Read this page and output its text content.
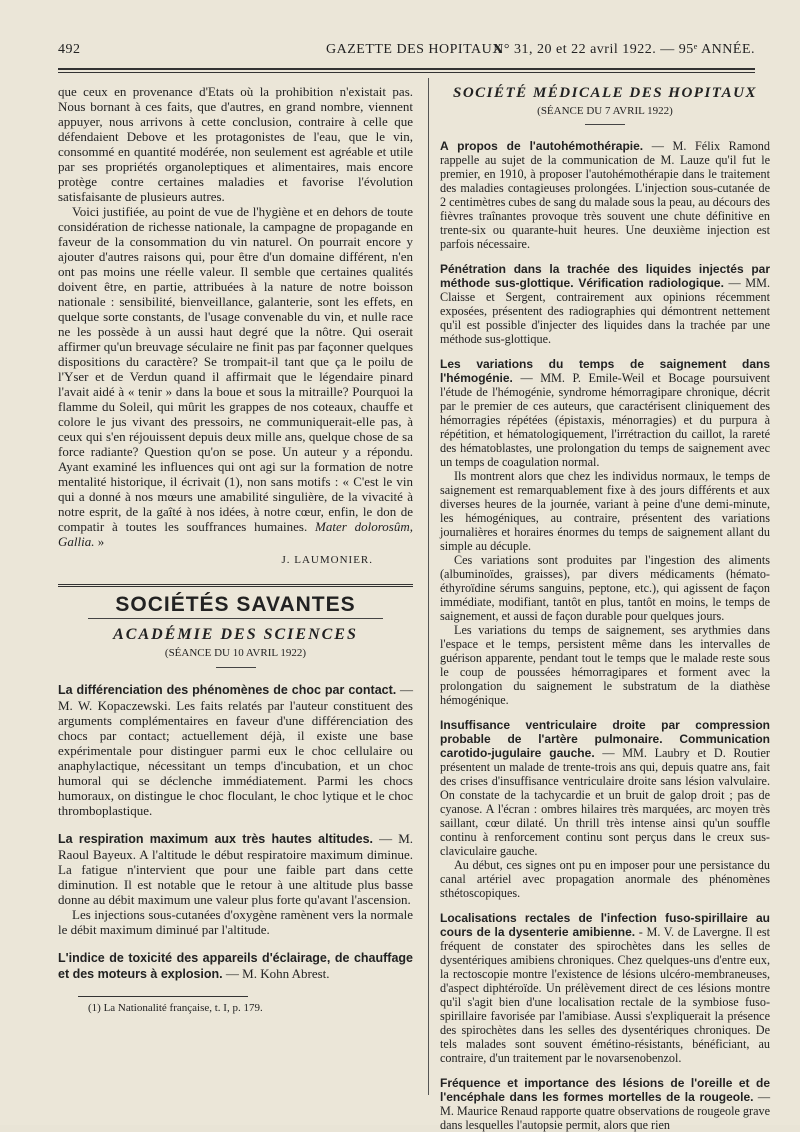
492	GAZETTE DES HOPITAUX
N° 31, 20 et 22 avril 1922. — 95ᵉ ANNÉE.

que ceux en provenance d'Etats où la prohibition n'existait pas. Nous bornant à ces faits, que d'autres, en grand nombre, viennent appuyer, nous arrivons à cette conclusion, contraire à celle que défendaient Debove et les protagonistes de l'eau, que le vin, consommé en quantité modérée, non seulement est agréable et utile par ses propriétés organoleptiques et alimentaires, mais encore protège contre certaines maladies et favorise l'évolution satisfaisante de plusieurs autres.

Voici justifiée, au point de vue de l'hygiène et en dehors de toute considération de richesse nationale, la campagne de propagande en faveur de la consommation du vin naturel. On pourrait encore y ajouter d'autres raisons qui, pour être d'un domaine différent, n'en ont pas moins une réelle valeur. Il semble que certaines qualités doivent être, en partie, attribuées à la nature de notre boisson nationale : sensibilité, bienveillance, galanterie, sont les effets, en quelque sorte constants, de l'usage convenable du vin, et nulle race ne les possède à un aussi haut degré que la nôtre. Qui oserait affirmer qu'un breuvage séculaire ne finit pas par façonner quelques dispositions du caractère? Se trompait-il tant que ça le poilu de l'Yser et de Verdun quand il affirmait que le légendaire pinard l'avait aidé à « tenir » dans la boue et sous la mitraille? Pourquoi la flamme du Soleil, qui mûrit les grappes de nos coteaux, chauffe et colore le jus vivant des pressoirs, ne communiquerait-elle pas, à ceux qui s'en réjouissent depuis deux mille ans, quelque chose de sa force radiante? Question qu'on se pose. Un auteur y a répondu. Ayant examiné les influences qui ont agi sur la formation de notre mentalité historique, il écrivait (1), non sans motifs : « C'est le vin qui a donné à nos mœurs une amabilité singulière, de la vivacité à notre esprit, de la gaîté à nos idées, à notre cœur, enfin, le don de compatir à toutes les souffrances humaines. Mater dolorosûm, Gallia. »

J. LAUMONIER.
SOCIÉTÉS SAVANTES
ACADÉMIE DES SCIENCES
(SÉANCE DU 10 AVRIL 1922)

La différenciation des phénomènes de choc par contact. — M. W. Kopaczewski. Les faits relatés par l'auteur constituent des arguments complémentaires en faveur d'une différenciation des chocs par contact; actuellement déjà, il existe une base expérimentale pour distinguer parmi eux le choc cellulaire ou anaphylactique, nécessitant un temps d'incubation, et un choc humoral qui se déclenche immédiatement. Parmi les chocs humoraux, on distingue le choc floculant, le choc lytique et le choc thromboplastique.

La respiration maximum aux très hautes altitudes. — M. Raoul Bayeux. A l'altitude le début respiratoire maximum diminue. La fatigue n'intervient que pour une faible part dans cette diminution. Il est notable que le retour à une altitude plus basse donne au débit maximum une valeur plus forte qu'avant l'ascension.

Les injections sous-cutanées d'oxygène ramènent vers la normale le débit maximum diminué par l'altitude.

L'indice de toxicité des appareils d'éclairage, de chauffage et des moteurs à explosion. — M. Kohn Abrest.

(1) La Nationalité française, t. I, p. 179.
SOCIÉTÉ MÉDICALE DES HOPITAUX
(SÉANCE DU 7 AVRIL 1922)

A propos de l'autohémothérapie. — M. Félix Ramond rappelle au sujet de la communication de M. Lauze qu'il fut le premier, en 1910, à proposer l'autohémothérapie dans le traitement des maladies contagieuses prolongées. L'injection sous-cutanée de 2 centimètres cubes de sang du malade sous la peau, au décours des fièvres traînantes provoque très souvent une chute définitive en trente-six ou quarante-huit heures. Une deuxième injection est parfois nécessaire.

Pénétration dans la trachée des liquides injectés par méthode sus-glottique. Vérification radiologique. — MM. Claisse et Sergent, contrairement aux opinions récemment exposées, présentent des radiographies qui démontrent nettement qu'il est possible d'injecter des liquides dans la trachée par une méthode sus-glottique.

Les variations du temps de saignement dans l'hémogénie. — MM. P. Emile-Weil et Bocage poursuivent l'étude de l'hémogénie, syndrome hémorragipare chronique, décrit par le premier de ces auteurs, que caractérisent cliniquement des hémorragies répétées (épistaxis, ménorragies) et du purpura à répétition, et hématologiquement, l'irrétraction du caillot, la rareté des hématoblastes, une prolongation du temps de saignement avec un temps de coagulation normal.

Ils montrent alors que chez les individus normaux, le temps de saignement est remarquablement fixe à des jours différents et aux diverses heures de la journée, variant à peine d'une demi-minute, les hémogéniques, au contraire, présentent des variations journalières et horaires énormes du temps de saignement allant du simple au décuple.

Ces variations sont produites par l'ingestion des aliments (albuminoïdes, graisses), par divers médicaments (hémato-éthyroïdine sérums sanguins, peptone, etc.), qui agissent de façon immédiate, modifiant, tantôt en plus, tantôt en moins, le temps de saignement, et aussi de façon durable pour quelques jours.

Les variations du temps de saignement, ses arythmies dans l'espace et le temps, persistent même dans les intervalles de guérison apparente, pendant tout le temps que le malade reste sous le coup de poussées hémorragipares et forment avec la prolongation du saignement le substratum de la diathèse hémogénique.

Insuffisance ventriculaire droite par compression probable de l'artère pulmonaire. Communication carotido-jugulaire gauche. — MM. Laubry et D. Routier présentent un malade de trente-trois ans qui, depuis quatre ans, fait des crises d'insuffisance ventriculaire droite sans lésion valvulaire. On constate de la tachycardie et un bruit de galop droit ; pas de cyanose. A l'écran : ombres hilaires très marquées, arc moyen très saillant, cœur dilaté. Un thrill très intense ainsi qu'un souffle continu à renforcement continu sont perçus dans le creux sus-claviculaire gauche.

Au début, ces signes ont pu en imposer pour une persistance du canal artériel avec propagation anormale des phénomènes sthétoscopiques.

Localisations rectales de l'infection fuso-spirillaire au cours de la dysenterie amibienne. - M. V. de Lavergne. Il est fréquent de constater des spirochètes dans les selles de dysentériques amibiens chroniques. Chez quelques-uns d'entre eux, la rectoscopie montre l'existence de lésions ulcéro-membraneuses, d'aspect diphtéroïde. Un prélèvement direct de ces lésions montre qu'il s'agit bien d'une localisation rectale de la symbiose fuso-spirillaire favorisée par l'amibiase. Aussi s'expliquerait la présence des spirochètes dans les selles des dysentériques chroniques. De tels malades sont souvent émétino-résistants, bénéficiant, au contraire, d'un traitement par le novarsenobenzol.

Fréquence et importance des lésions de l'oreille et de l'encéphale dans les formes mortelles de la rougeole. — M. Maurice Renaud rapporte quatre observations de rougeole grave dans lesquelles l'autopsie permit, alors que rien
